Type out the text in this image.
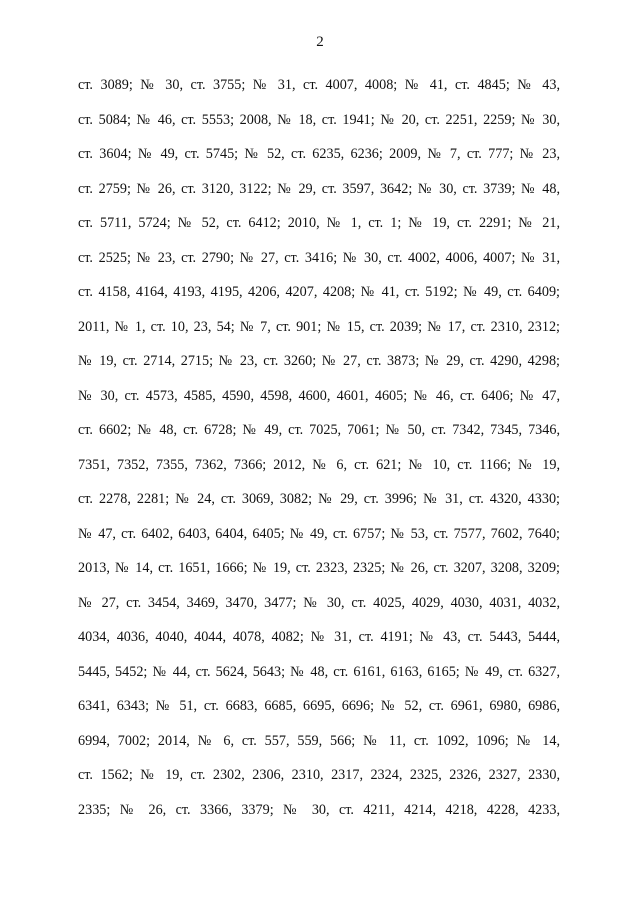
2
ст. 3089; № 30, ст. 3755; № 31, ст. 4007, 4008; № 41, ст. 4845; № 43,
ст. 5084; № 46, ст. 5553; 2008, № 18, ст. 1941; № 20, ст. 2251, 2259; № 30,
ст. 3604; № 49, ст. 5745; № 52, ст. 6235, 6236; 2009, № 7, ст. 777; № 23,
ст. 2759; № 26, ст. 3120, 3122; № 29, ст. 3597, 3642; № 30, ст. 3739; № 48,
ст. 5711, 5724; № 52, ст. 6412; 2010, № 1, ст. 1; № 19, ст. 2291; № 21,
ст. 2525; № 23, ст. 2790; № 27, ст. 3416; № 30, ст. 4002, 4006, 4007; № 31,
ст. 4158, 4164, 4193, 4195, 4206, 4207, 4208; № 41, ст. 5192; № 49, ст. 6409;
2011, № 1, ст. 10, 23, 54; № 7, ст. 901; № 15, ст. 2039; № 17, ст. 2310, 2312;
№ 19, ст. 2714, 2715; № 23, ст. 3260; № 27, ст. 3873; № 29, ст. 4290, 4298;
№ 30, ст. 4573, 4585, 4590, 4598, 4600, 4601, 4605; № 46, ст. 6406; № 47,
ст. 6602; № 48, ст. 6728; № 49, ст. 7025, 7061; № 50, ст. 7342, 7345, 7346,
7351, 7352, 7355, 7362, 7366; 2012, № 6, ст. 621; № 10, ст. 1166; № 19,
ст. 2278, 2281; № 24, ст. 3069, 3082; № 29, ст. 3996; № 31, ст. 4320, 4330;
№ 47, ст. 6402, 6403, 6404, 6405; № 49, ст. 6757; № 53, ст. 7577, 7602, 7640;
2013, № 14, ст. 1651, 1666; № 19, ст. 2323, 2325; № 26, ст. 3207, 3208, 3209;
№ 27, ст. 3454, 3469, 3470, 3477; № 30, ст. 4025, 4029, 4030, 4031, 4032,
4034, 4036, 4040, 4044, 4078, 4082; № 31, ст. 4191; № 43, ст. 5443, 5444,
5445, 5452; № 44, ст. 5624, 5643; № 48, ст. 6161, 6163, 6165; № 49, ст. 6327,
6341, 6343; № 51, ст. 6683, 6685, 6695, 6696; № 52, ст. 6961, 6980, 6986,
6994, 7002; 2014, № 6, ст. 557, 559, 566; № 11, ст. 1092, 1096; № 14,
ст. 1562; № 19, ст. 2302, 2306, 2310, 2317, 2324, 2325, 2326, 2327, 2330,
2335; № 26, ст. 3366, 3379; № 30, ст. 4211, 4214, 4218, 4228, 4233,
